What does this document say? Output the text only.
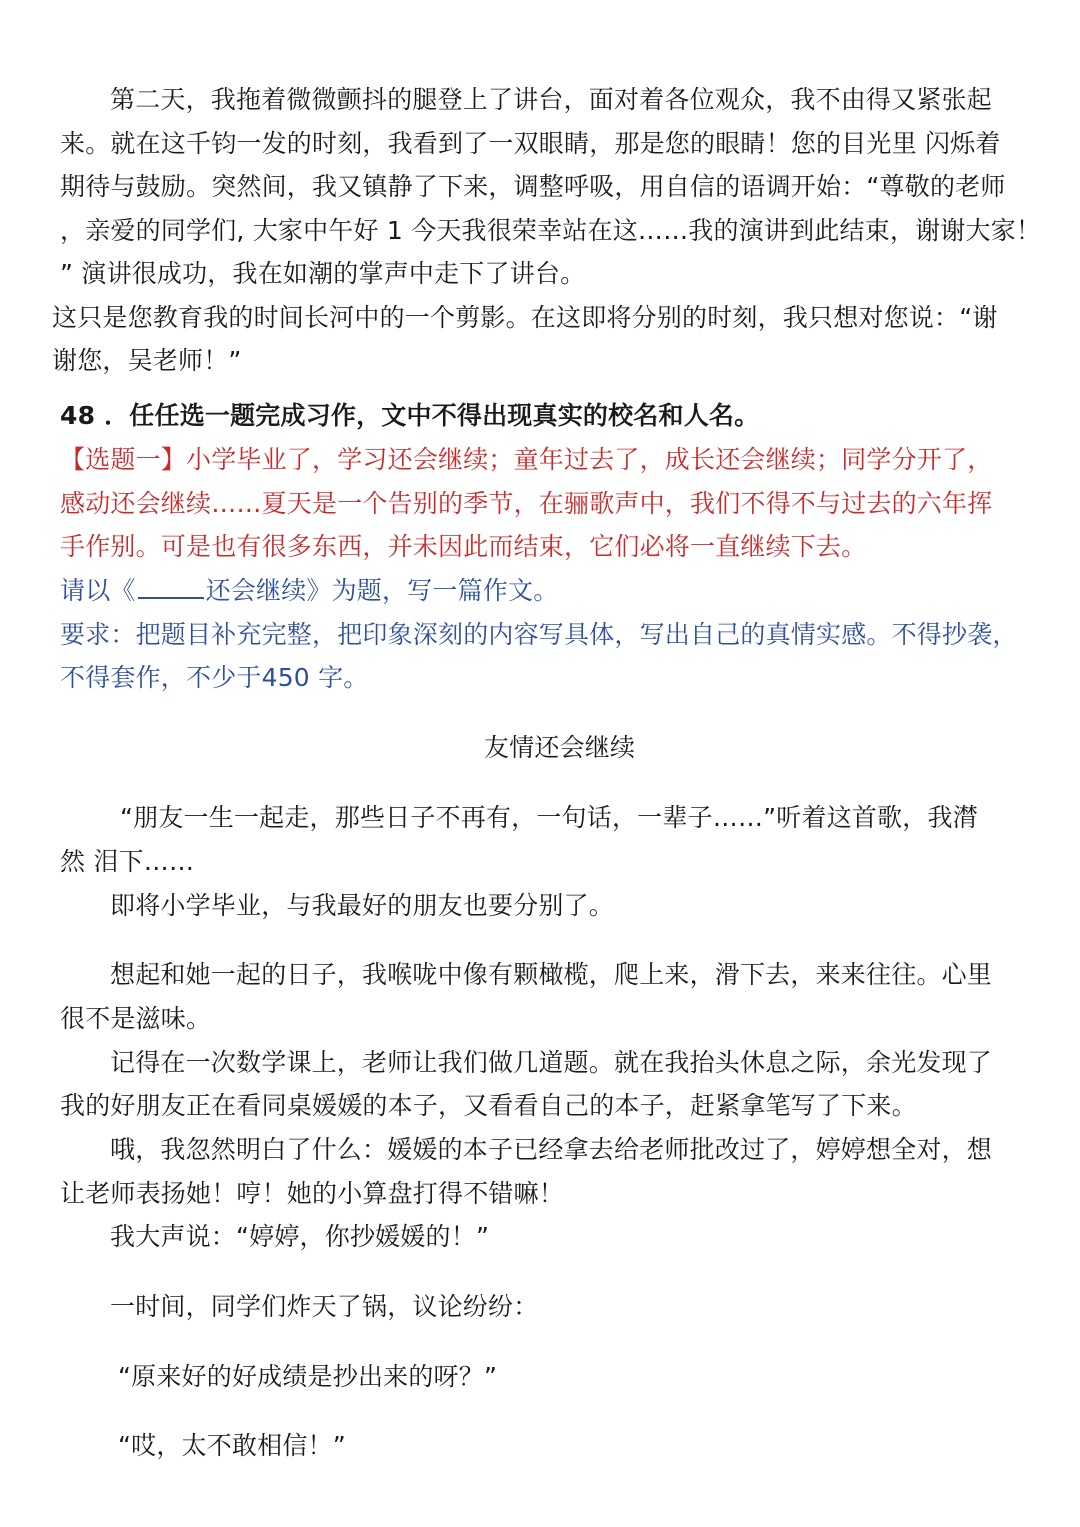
第二天，我拖着微微颤抖的腿登上了讲台，面对着各位观众，我不由得又紧张起

来。就在这千钧一发的时刻，我看到了一双眼睛，那是您的眼睛！您的目光里 闪烁着

期待与鼓励。突然间，我又镇静了下来，调整呼吸，用自信的语调开始：“尊敬的老师

，亲爱的同学们, 大家中午好 1 今天我很荣幸站在这……我的演讲到此结束，谢谢大家！

” 演讲很成功，我在如潮的掌声中走下了讲台。

这只是您教育我的时间长河中的一个剪影。在这即将分别的时刻，我只想对您说：“谢

谢您，吴老师！”

48 ．任任选一题完成习作，文中不得出现真实的校名和人名。

【选题一】小学毕业了，学习还会继续；童年过去了，成长还会继续；同学分开了，

感动还会继续……夏天是一个告别的季节，在骊歌声中，我们不得不与过去的六年挥

手作别。可是也有很多东西，并未因此而结束，它们必将一直继续下去。

请以《	还会继续》为题，写一篇作文。

要求：把题目补充完整，把印象深刻的内容写具体，写出自己的真情实感。不得抄袭，

不得套作，不少于450 字。

友情还会继续

“朋友一生一起走，那些日子不再有，一句话，一辈子……”听着这首歌，我潸

然 泪下……

即将小学毕业，与我最好的朋友也要分别了。

想起和她一起的日子，我喉咙中像有颗橄榄，爬上来，滑下去，来来往往。心里

很不是滋味。

记得在一次数学课上，老师让我们做几道题。就在我抬头休息之际，余光发现了

我的好朋友正在看同桌媛媛的本子，又看看自己的本子，赶紧拿笔写了下来。

哦，我忽然明白了什么：媛媛的本子已经拿去给老师批改过了，婷婷想全对，想

让老师表扬她！哼！她的小算盘打得不错嘛！

我大声说：“婷婷，你抄媛媛的！”

一时间，同学们炸天了锅，议论纷纷：

“原来好的好成绩是抄出来的呀？”

“哎，太不敢相信！”
